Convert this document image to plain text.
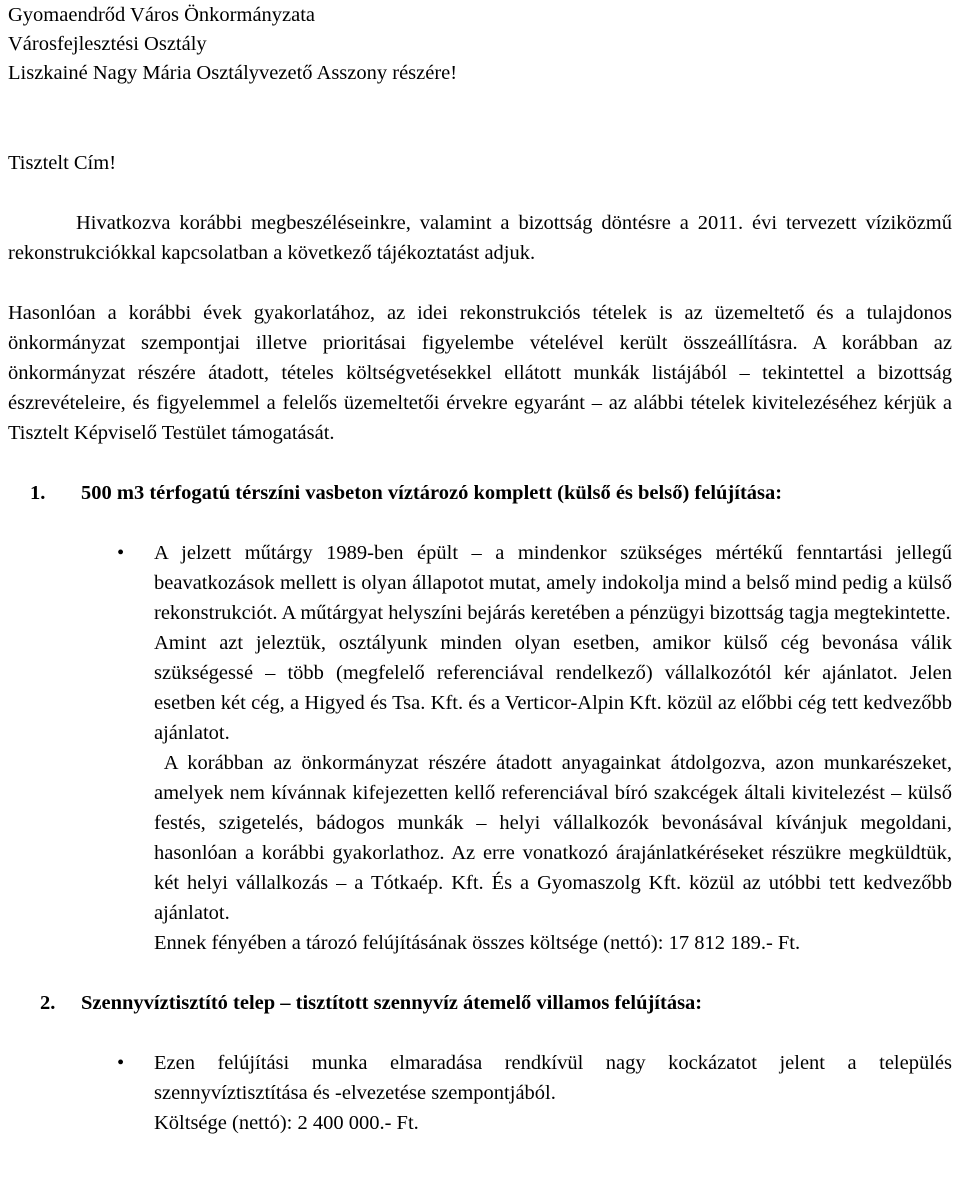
Gyomaendrőd Város Önkormányzata

Városfejlesztési Osztály

Liszkainé Nagy Mária Osztályvezető Asszony részére!

Tisztelt Cím!

Hivatkozva korábbi megbeszéléseinkre, valamint a bizottság döntésre a 2011. évi tervezett víziközmű rekonstrukciókkal kapcsolatban a következő tájékoztatást adjuk.

Hasonlóan a korábbi évek gyakorlatához, az idei rekonstrukciós tételek is az üzemeltető és a tulajdonos önkormányzat szempontjai illetve prioritásai figyelembe vételével került összeállításra. A korábban az önkormányzat részére átadott, tételes költségvetésekkel ellátott munkák listájából – tekintettel a bizottság észrevételeire, és figyelemmel a felelős üzemeltetői érvekre egyaránt – az alábbi tételek kivitelezéséhez kérjük a Tisztelt Képviselő Testület támogatását.

1.	500 m3 térfogatú térszíni vasbeton víztározó komplett (külső és belső) felújítása:
• A jelzett műtárgy 1989-ben épült – a mindenkor szükséges mértékű fenntartási jellegű beavatkozások mellett is olyan állapotot mutat, amely indokolja mind a belső mind pedig a külső rekonstrukciót. A műtárgyat helyszíni bejárás keretében a pénzügyi bizottság tagja megtekintette.

Amint azt jeleztük, osztályunk minden olyan esetben, amikor külső cég bevonása válik szükségessé – több (megfelelő referenciával rendelkező) vállalkozótól kér ajánlatot. Jelen esetben két cég, a Higyed és Tsa. Kft. és a Verticor-Alpin Kft. közül az előbbi cég tett kedvezőbb ajánlatot.

A korábban az önkormányzat részére átadott anyagainkat átdolgozva, azon munkarészeket, amelyek nem kívánnak kifejezetten kellő referenciával bíró szakcégek általi kivitelezést – külső festés, szigetelés, bádogos munkák – helyi vállalkozók bevonásával kívánjuk megoldani, hasonlóan a korábbi gyakorlathoz. Az erre vonatkozó árajánlatkéréseket részükre megküldtük, két helyi vállalkozás – a Tótkaép. Kft. És a Gyomaszolg Kft. közül az utóbbi tett kedvezőbb ajánlatot.

Ennek fényében a tározó felújításának összes költsége (nettó): 17 812 189.- Ft.

2.	Szennyvíztisztító telep – tisztított szennyvíz átemelő villamos felújítása:
• Ezen felújítási munka elmaradása rendkívül nagy kockázatot jelent a település szennyvíztisztítása és -elvezetése szempontjából.

Költsége (nettó): 2 400 000.- Ft.
